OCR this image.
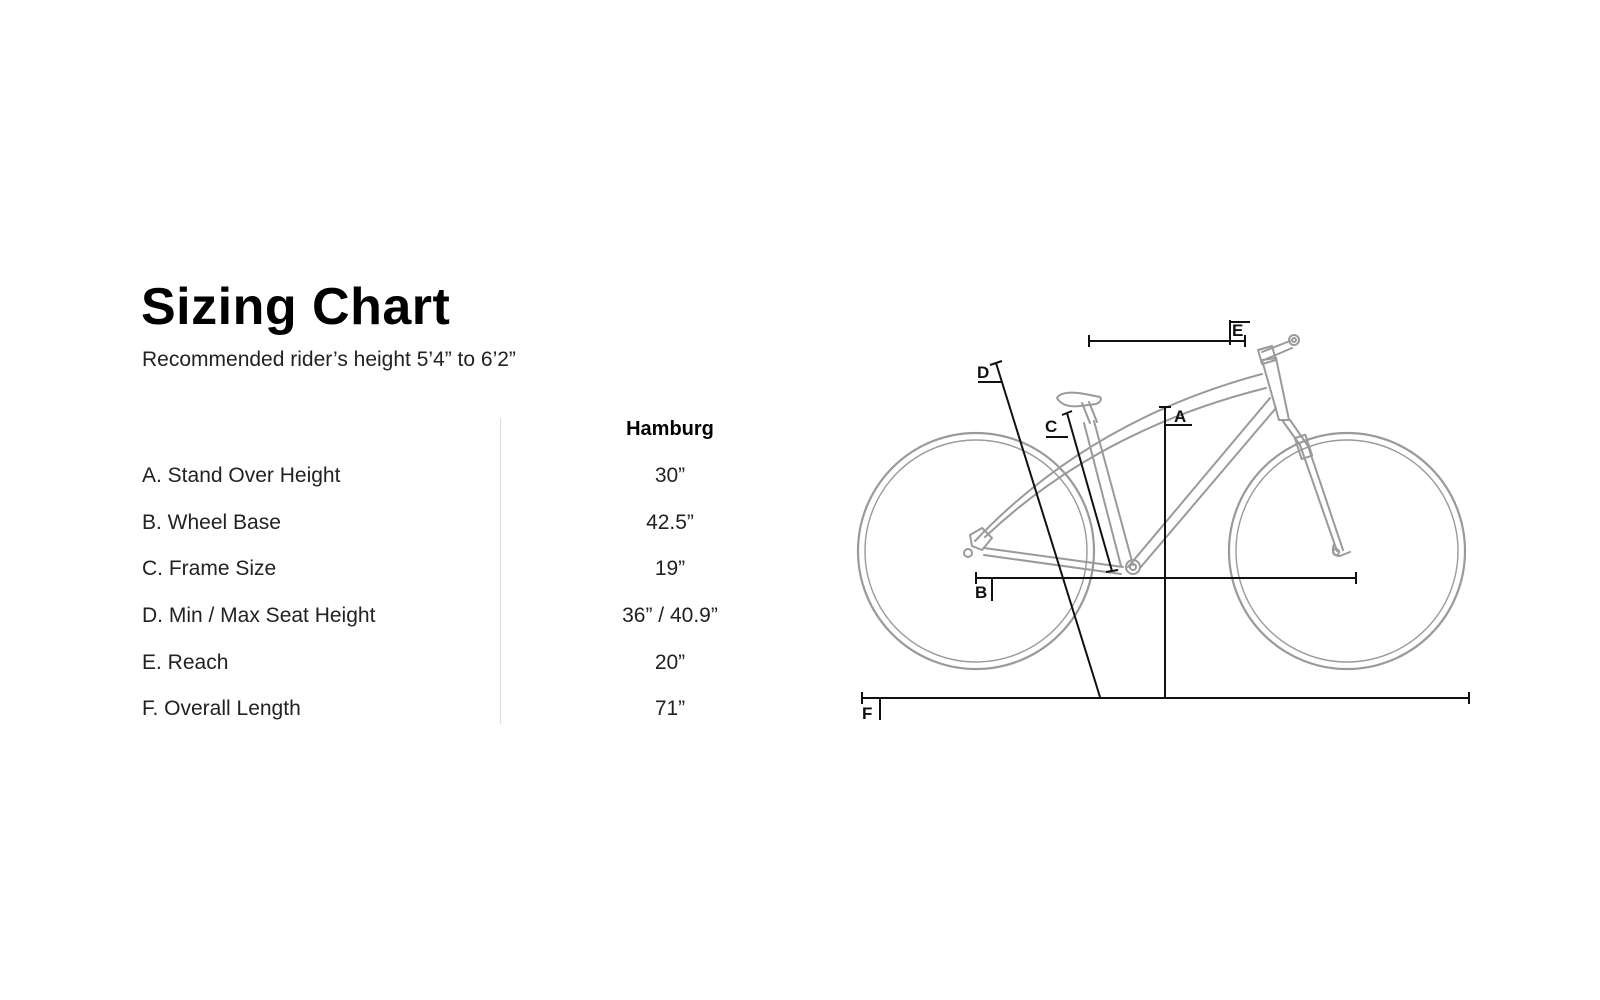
Sizing Chart
Recommended rider’s height 5’4” to 6’2”
Hamburg
A. Stand Over Height	30”
B. Wheel Base	42.5”
C. Frame Size	19”
D. Min / Max Seat Height	36” / 40.9”
E. Reach	20”
F. Overall Length	71”
E
A
B
C
D
F
